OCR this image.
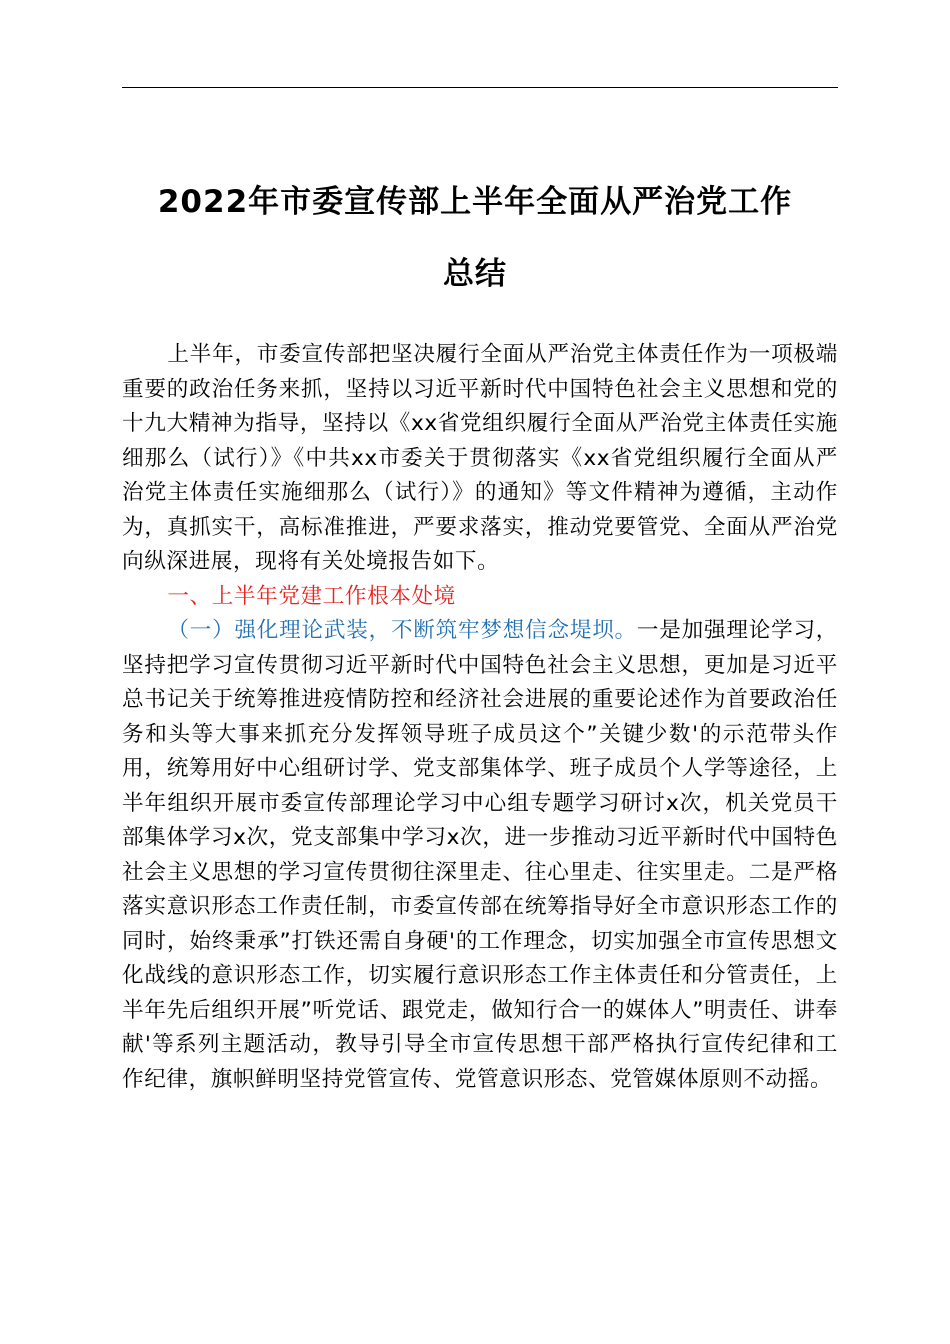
2022年市委宣传部上半年全面从严治党工作
总结

上半年，市委宣传部把坚决履行全面从严治党主体责任作为一项极端重要的政治任务来抓，坚持以习近平新时代中国特色社会主义思想和党的十九大精神为指导，坚持以《xx省党组织履行全面从严治党主体责任实施细那么（试行）》《中共xx市委关于贯彻落实《xx省党组织履行全面从严治党主体责任实施细那么（试行）》的通知》等文件精神为遵循，主动作为，真抓实干，高标准推进，严要求落实，推动党要管党、全面从严治党向纵深进展，现将有关处境报告如下。

一、上半年党建工作根本处境

（一）强化理论武装，不断筑牢梦想信念堤坝。一是加强理论学习，坚持把学习宣传贯彻习近平新时代中国特色社会主义思想，更加是习近平总书记关于统筹推进疫情防控和经济社会进展的重要论述作为首要政治任务和头等大事来抓充分发挥领导班子成员这个”关键少数'的示范带头作用，统筹用好中心组研讨学、党支部集体学、班子成员个人学等途径，上半年组织开展市委宣传部理论学习中心组专题学习研讨x次，机关党员干部集体学习x次，党支部集中学习x次，进一步推动习近平新时代中国特色社会主义思想的学习宣传贯彻往深里走、往心里走、往实里走。二是严格落实意识形态工作责任制，市委宣传部在统筹指导好全市意识形态工作的同时，始终秉承”打铁还需自身硬'的工作理念，切实加强全市宣传思想文化战线的意识形态工作，切实履行意识形态工作主体责任和分管责任，上半年先后组织开展”听党话、跟党走，做知行合一的媒体人”明责任、讲奉献'等系列主题活动，教导引导全市宣传思想干部严格执行宣传纪律和工作纪律，旗帜鲜明坚持党管宣传、党管意识形态、党管媒体原则不动摇。
